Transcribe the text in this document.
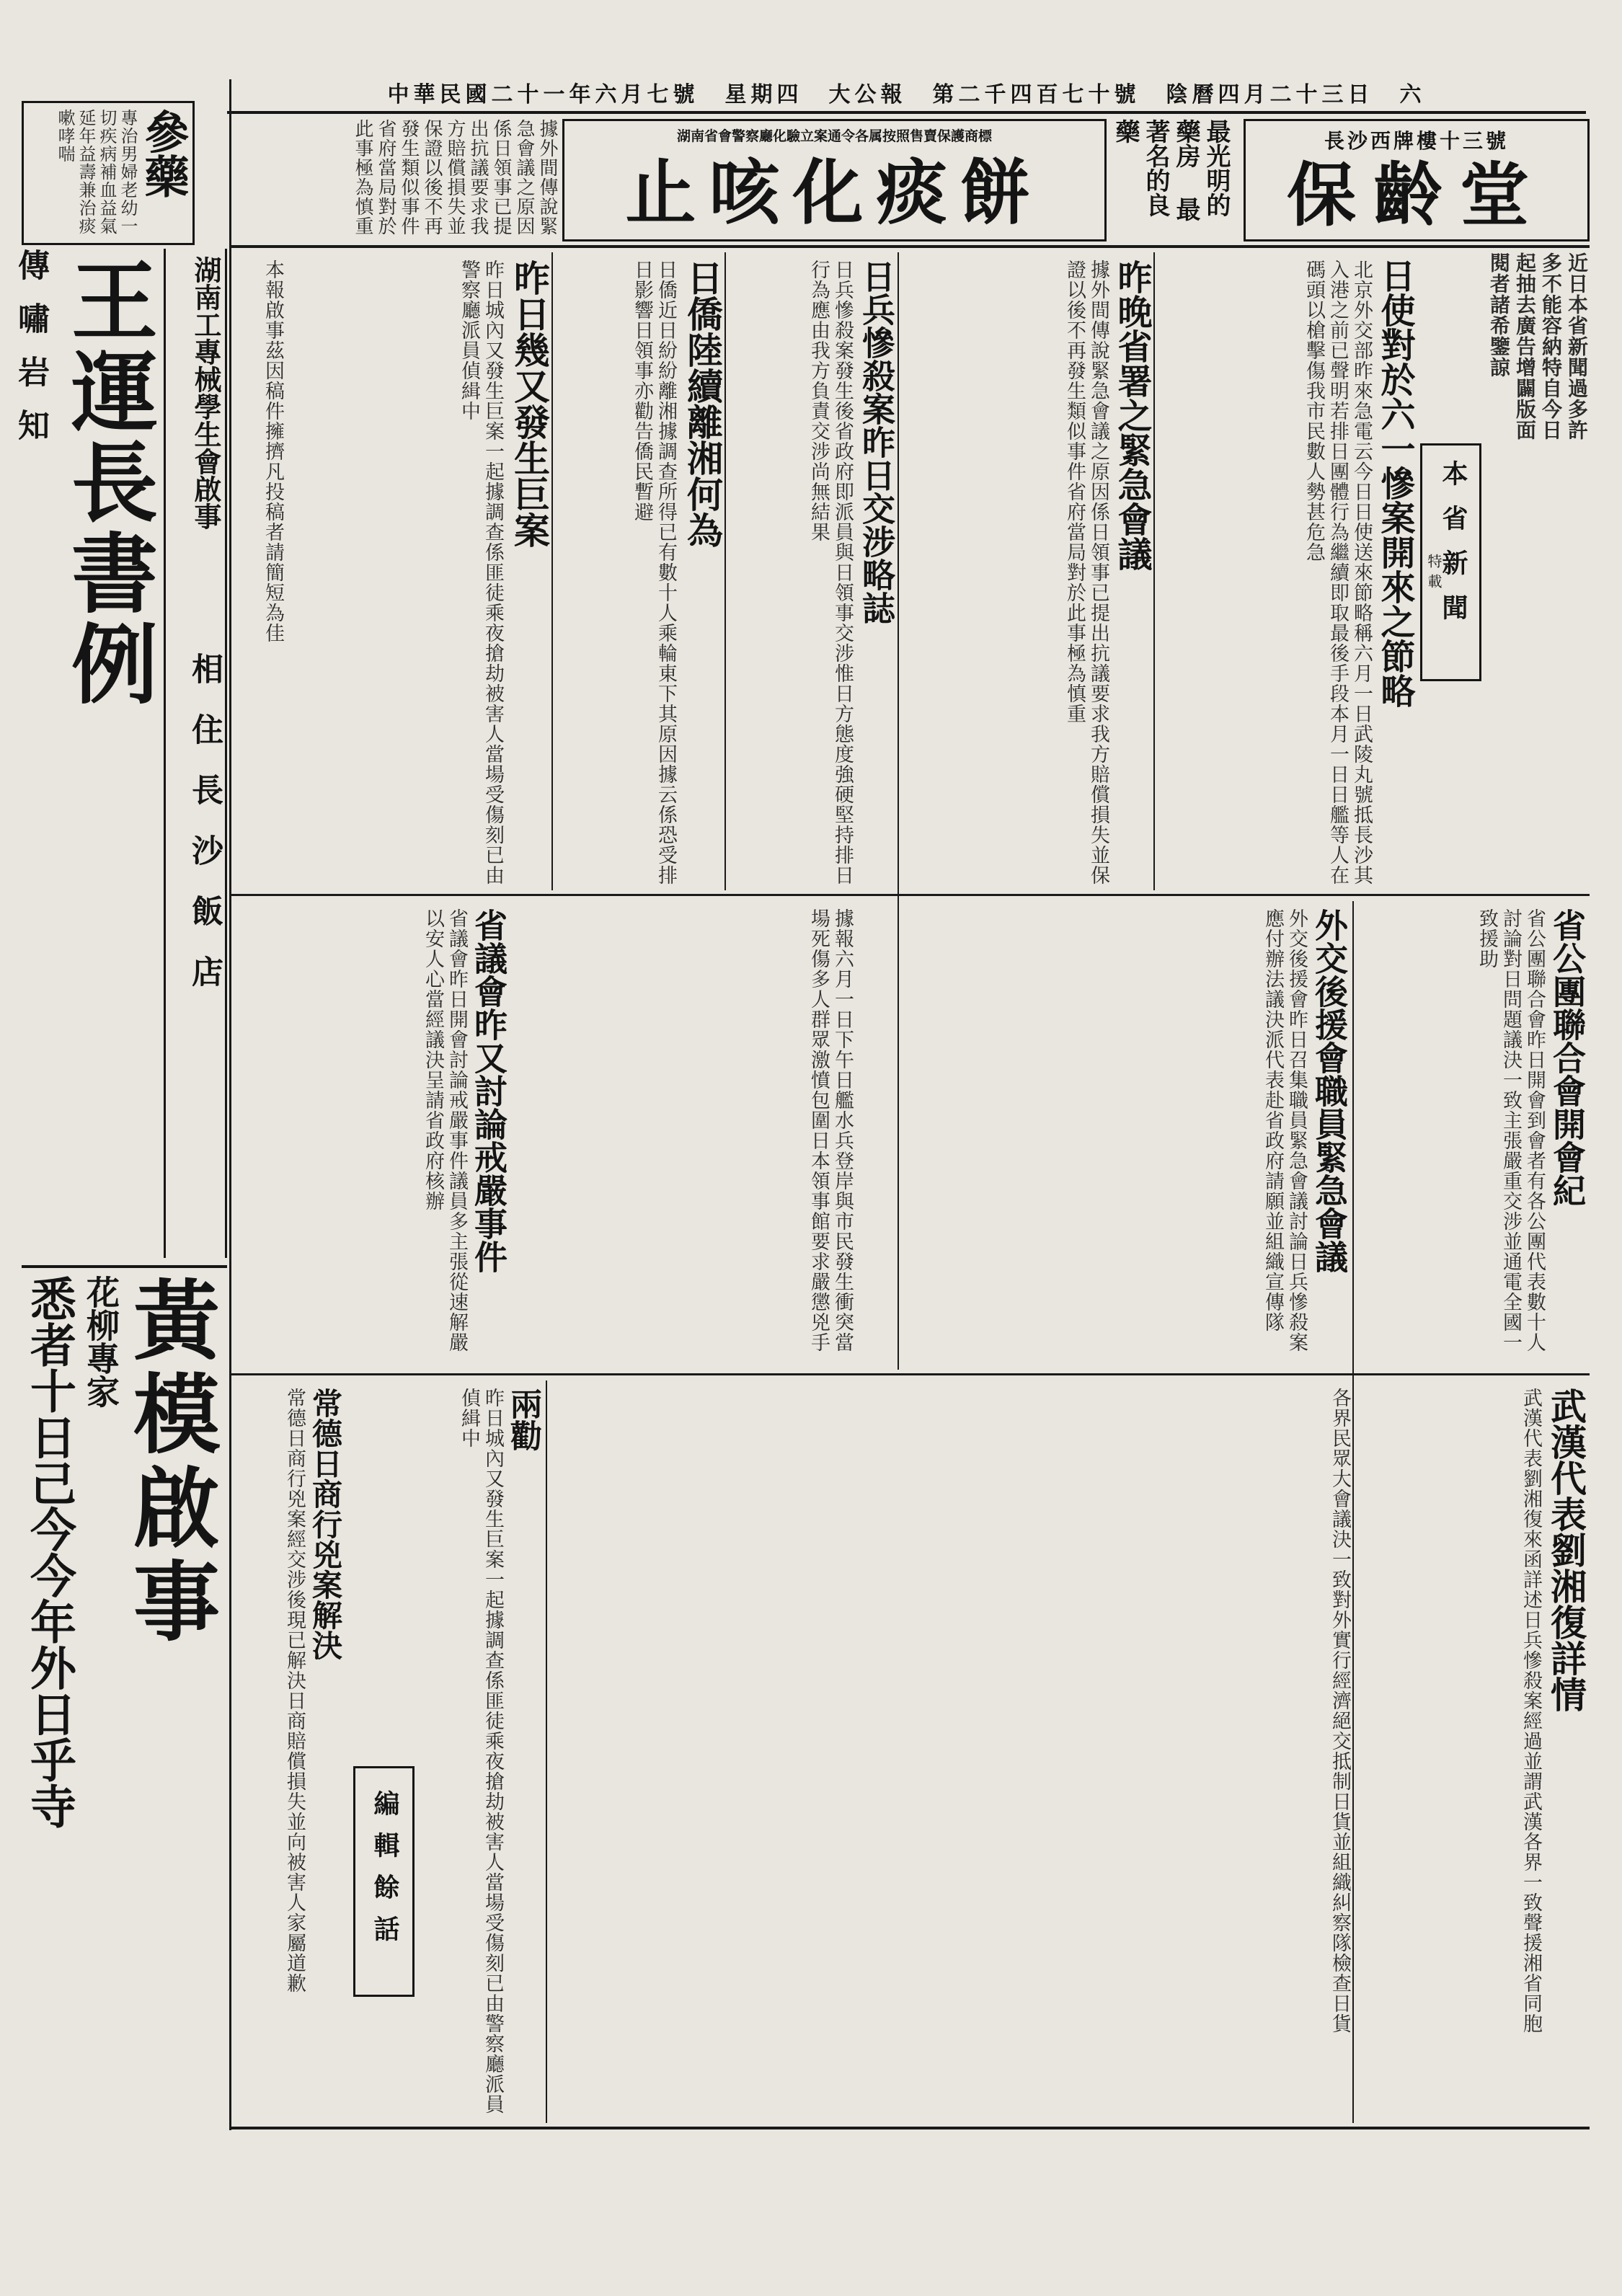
中華民國二十一年六月七號　星期四　大公報　第二千四百七十號　陰曆四月二十三日　六
長沙西牌樓十三號
保齡堂
最光明的藥房 最著名的良藥
湖南省會警察廳化驗立案通令各属按照售賣保護商標
止咳化痰餅
據外間傳說緊急會議之原因係日領事已提出抗議要求我方賠償損失並保證以後不再發生類似事件省府當局對於此事極為慎重
參藥
專治男婦老幼一切疾病補血益氣延年益壽兼治痰嗽哮喘
王運長書例
傳嘯岩知	湖南工專械學生會啟事
相住長沙飯店
悉者十日己今今年外日乎寺 花柳專家
黃模啟事
近日本省新聞過多許多不能容納特自今日起抽去廣告增闢版面閱者諸希鑒諒
本省新聞
特載
日使對於六一慘案開來之節略
北京外交部昨來急電云今日日使送來節略稱六月一日武陵丸號抵長沙其入港之前已聲明若排日團體行為繼續即取最後手段本月一日日艦等人在碼頭以槍擊傷我市民數人勢甚危急
昨晚省署之緊急會議
據外間傳說緊急會議之原因係日領事已提出抗議要求我方賠償損失並保證以後不再發生類似事件省府當局對於此事極為慎重
日兵慘殺案昨日交涉略誌
日兵慘殺案發生後省政府即派員與日領事交涉惟日方態度強硬堅持排日行為應由我方負責交涉尚無結果
日僑陸續離湘何為
日僑近日紛紛離湘據調查所得已有數十人乘輪東下其原因據云係恐受排日影響日領事亦勸告僑民暫避
昨日幾又發生巨案
昨日城內又發生巨案一起據調查係匪徒乘夜搶劫被害人當場受傷刻已由警察廳派員偵緝中
本報啟事茲因稿件擁擠凡投稿者請簡短為佳
省公團聯合會開會紀
省公團聯合會昨日開會到會者有各公團代表數十人討論對日問題議決一致主張嚴重交涉並通電全國一致援助
外交後援會職員緊急會議
外交後援會昨日召集職員緊急會議討論日兵慘殺案應付辦法議決派代表赴省政府請願並組織宣傳隊
省議會昨又討論戒嚴事件	據報六月一日下午日艦水兵登岸與市民發生衝突當場死傷多人群眾激憤包圍日本領事館要求嚴懲兇手
省議會昨日開會討論戒嚴事件議員多主張從速解嚴以安人心當經議決呈請省政府核辦
武漢代表劉湘復詳情
武漢代表劉湘復來函詳述日兵慘殺案經過並謂武漢各界一致聲援湘省同胞
各界民眾大會議決一致對外實行經濟絕交抵制日貨並組織糾察隊檢查日貨
兩勸
昨日城內又發生巨案一起據調查係匪徒乘夜搶劫被害人當場受傷刻已由警察廳派員偵緝中
編輯餘話
常德日商行兇案解決
常德日商行兇案經交涉後現已解決日商賠償損失並向被害人家屬道歉
